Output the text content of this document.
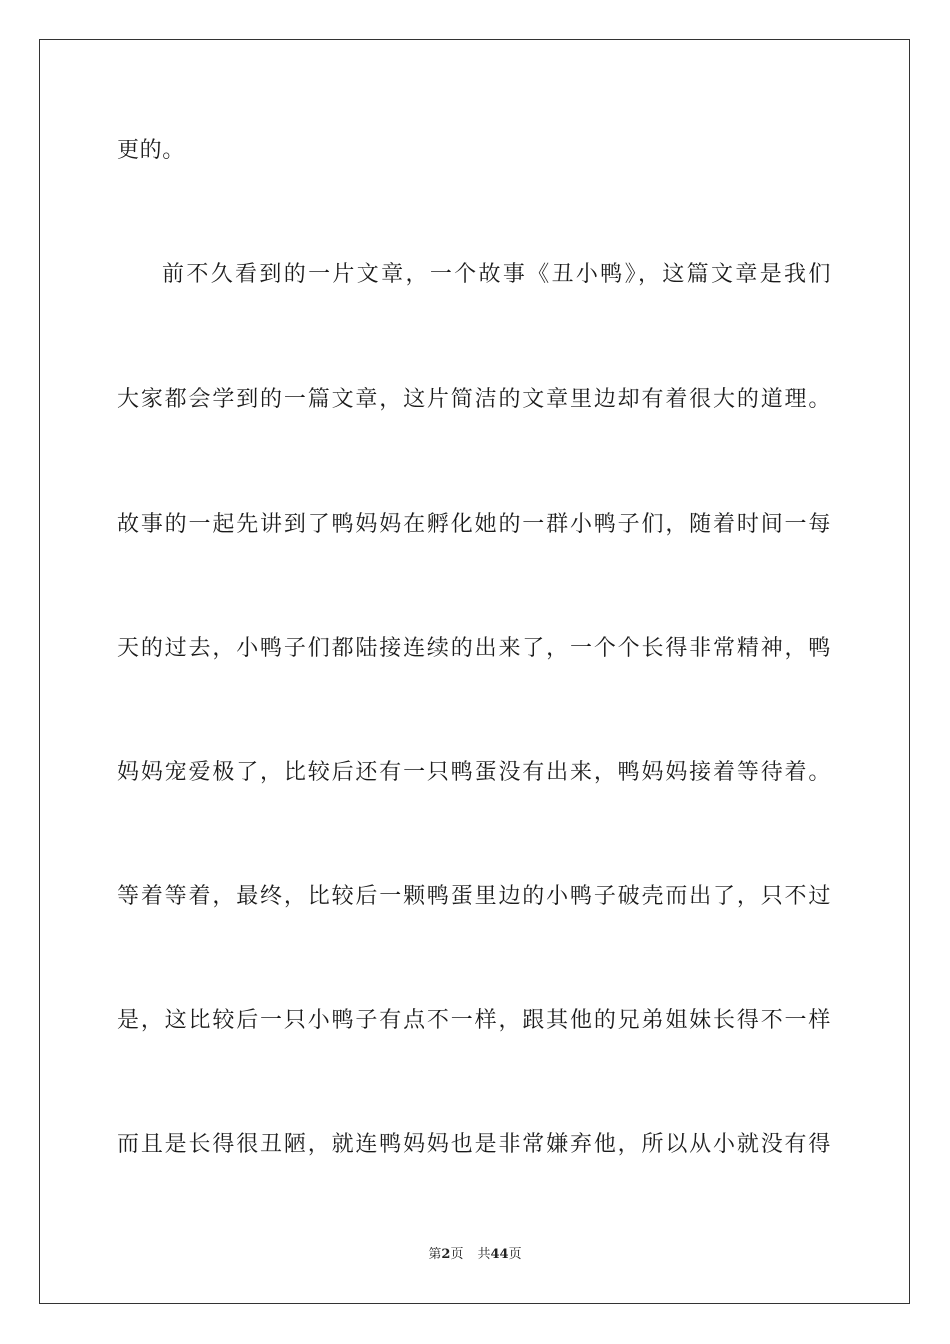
更的。
前不久看到的一片文章，一个故事《丑小鸭》，这篇文章是我们
大家都会学到的一篇文章，这片简洁的文章里边却有着很大的道理。
故事的一起先讲到了鸭妈妈在孵化她的一群小鸭子们，随着时间一每
天的过去，小鸭子们都陆接连续的出来了，一个个长得非常精神，鸭
妈妈宠爱极了，比较后还有一只鸭蛋没有出来，鸭妈妈接着等待着。
等着等着，最终，比较后一颗鸭蛋里边的小鸭子破壳而出了，只不过
是，这比较后一只小鸭子有点不一样，跟其他的兄弟姐妹长得不一样
而且是长得很丑陋，就连鸭妈妈也是非常嫌弃他，所以从小就没有得
第2页 共44页
